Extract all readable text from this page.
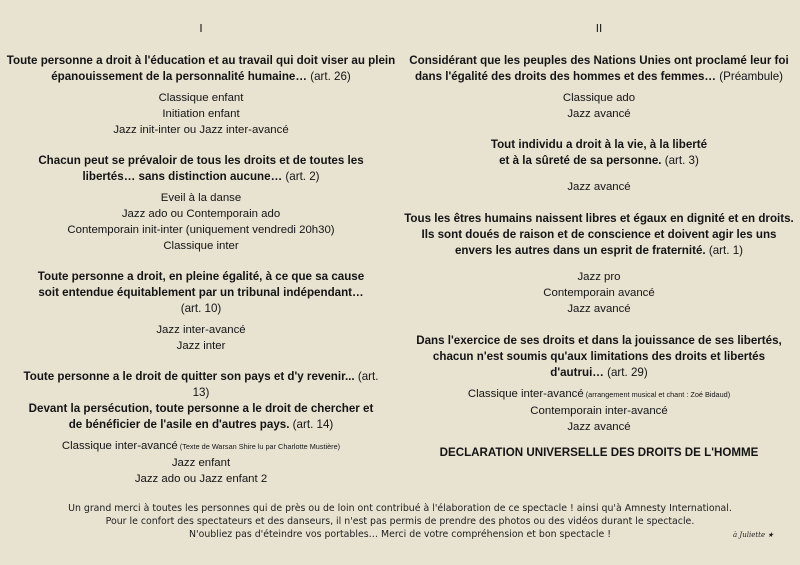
I
Toute personne a droit à l'éducation et au travail qui doit viser au plein épanouissement de la personnalité humaine… (art. 26)
Classique enfant
Initiation enfant
Jazz init-inter ou Jazz inter-avancé
Chacun peut se prévaloir de tous les droits et de toutes les libertés… sans distinction aucune… (art. 2)
Eveil à la danse
Jazz ado ou Contemporain ado
Contemporain init-inter (uniquement vendredi 20h30)
Classique inter
Toute personne a droit, en pleine égalité, à ce que sa cause soit entendue équitablement par un tribunal indépendant… (art. 10)
Jazz inter-avancé
Jazz inter
Toute personne a le droit de quitter son pays et d'y revenir... (art. 13)
Devant la persécution, toute personne a le droit de chercher et de bénéficier de l'asile en d'autres pays. (art. 14)
Classique inter-avancé (Texte de Warsan Shire lu par Charlotte Mustière)
Jazz enfant
Jazz ado ou Jazz enfant 2
II
Considérant que les peuples des Nations Unies ont proclamé leur foi dans l'égalité des droits des hommes et des femmes… (Préambule)
Classique ado
Jazz avancé
Tout individu a droit à la vie, à la liberté
et à la sûreté de sa personne. (art. 3)
Jazz avancé
Tous les êtres humains naissent libres et égaux en dignité et en droits. Ils sont doués de raison et de conscience et doivent agir les uns envers les autres dans un esprit de fraternité. (art. 1)
Jazz pro
Contemporain avancé
Jazz avancé
Dans l'exercice de ses droits et dans la jouissance de ses libertés, chacun n'est soumis qu'aux limitations des droits et libertés d'autrui… (art. 29)
Classique inter-avancé (arrangement musical et chant : Zoé Bidaud)
Contemporain inter-avancé
Jazz avancé
DECLARATION UNIVERSELLE DES DROITS DE L'HOMME
Un grand merci à toutes les personnes qui de près ou de loin ont contribué à l'élaboration de ce spectacle ! ainsi qu'à Amnesty International.
Pour le confort des spectateurs et des danseurs, il n'est pas permis de prendre des photos ou des vidéos durant le spectacle.
N'oubliez pas d'éteindre vos portables… Merci de votre compréhension et bon spectacle !	à Juliette ★
